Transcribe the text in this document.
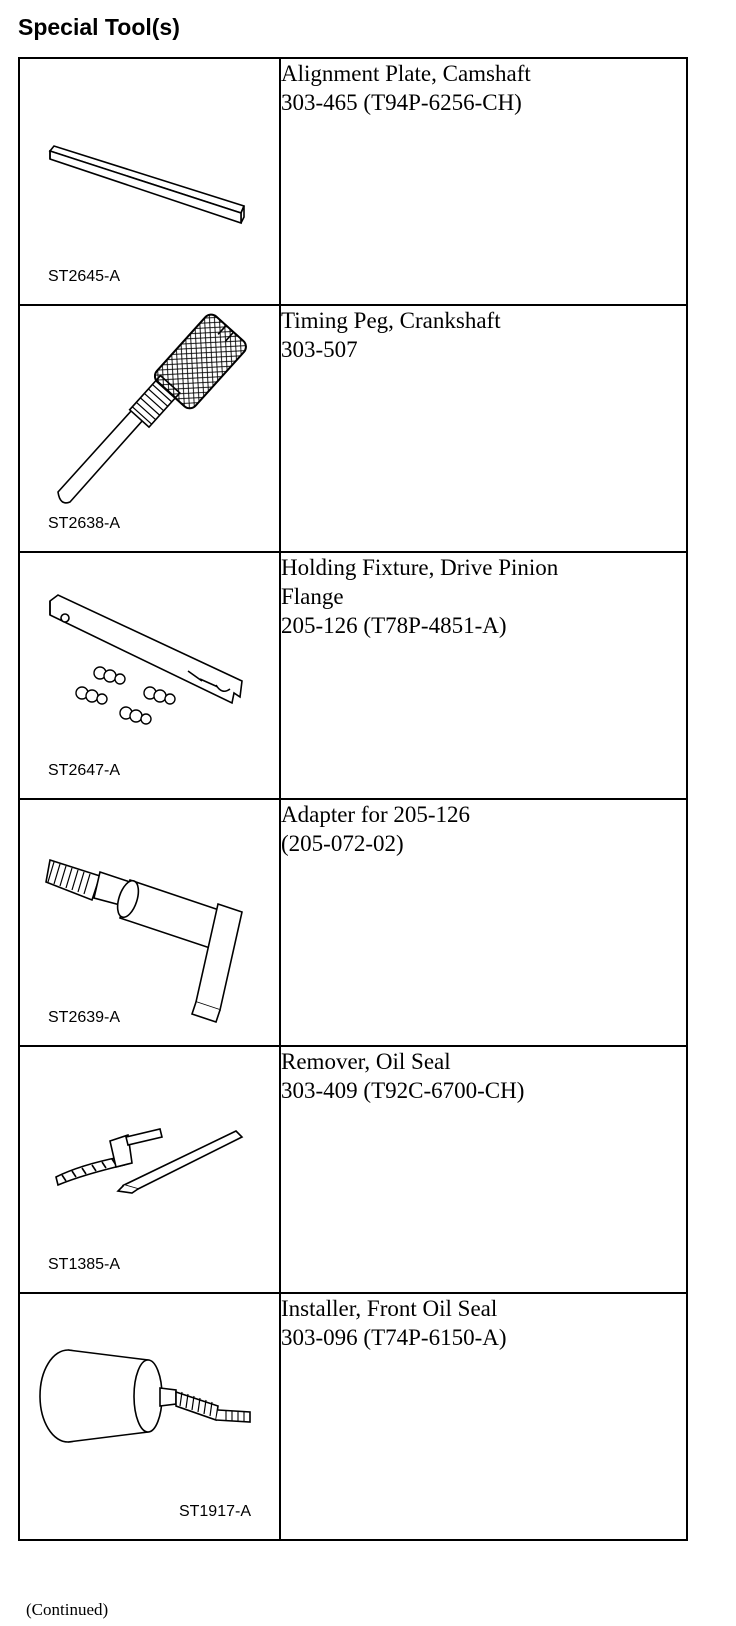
Special Tool(s)
ST2645-A	Alignment Plate, Camshaft
303-465 (T94P-6256-CH)

ST2638-A	Timing Peg, Crankshaft
303-507

ST2647-A	Holding Fixture, Drive Pinion
Flange
205-126 (T78P-4851-A)

ST2639-A	Adapter for 205-126
(205-072-02)

ST1385-A	Remover, Oil Seal
303-409 (T92C-6700-CH)

ST1917-A	Installer, Front Oil Seal
303-096 (T74P-6150-A)
(Continued)
